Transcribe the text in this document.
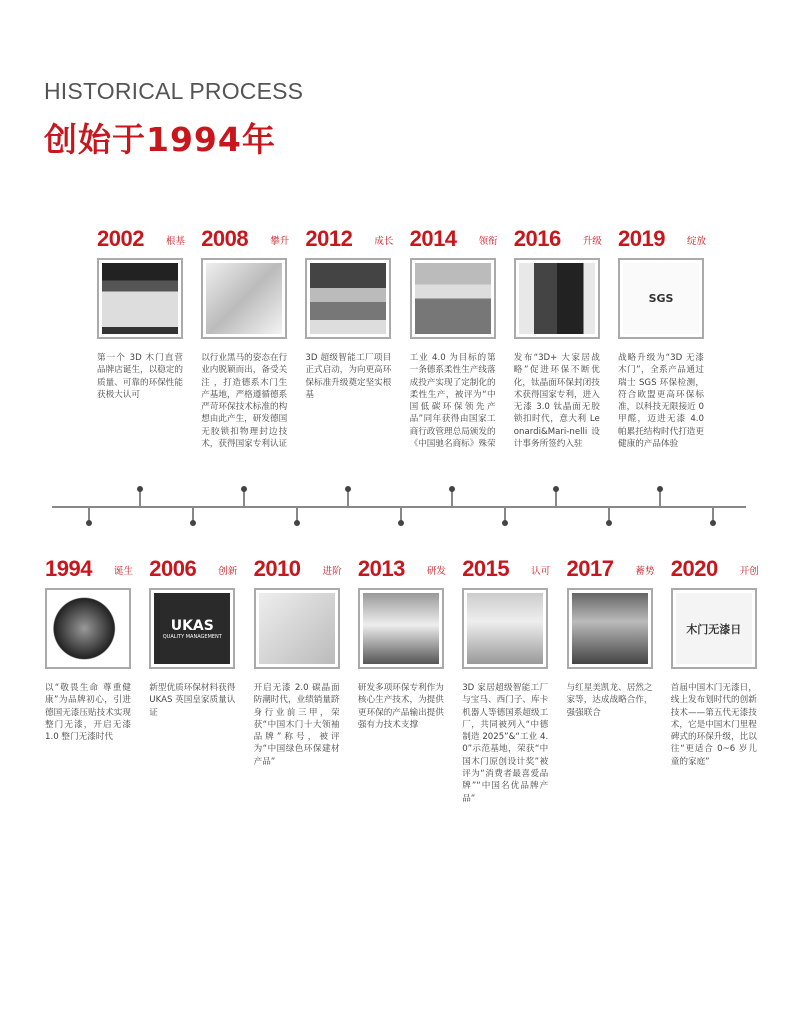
HISTORICAL PROCESS
创始于1994年
2002 根基
第一个 3D 木门直营品牌店诞生，以稳定的质量、可靠的环保性能获极大认可
2008 攀升
以行业黑马的姿态在行业内脱颖而出，备受关注 ，打造德系木门生产基地，严格遵循德系严苛环保技术标准的构想由此产生，研发德国无胶锁扣物理封边技术，获得国家专利认证
2012 成长
3D 超级智能工厂项目正式启动，为向更高环保标准升级奠定坚实根基
2014 领衔
工业 4.0 为目标的第一条德系柔性生产线落成投产实现了定制化的柔性生产，被评为“中国低碳环保领先产品”同年获得由国家工商行政管理总局颁发的《中国驰名商标》殊荣
2016 升级
发布“3D+ 大家居战略”促进环保不断优化，钛晶面环保封闭技术获得国家专利，进入无漆 3.0 钛晶面无胶锁扣时代，意大利 Leonardi&Mari-nelli 设计事务所签约入驻
2019 绽放
SGS
战略升级为“3D 无漆木门”，全系产品通过瑞士 SGS 环保检测，符合欧盟更高环保标准，以科技无限接近 0 甲醛，迈进无漆 4.0 帕累托结构时代打造更健康的产品体验
1994 诞生
以“敬畏生命 尊重健康”为品牌初心，引进德国无漆压贴技术实现整门无漆，开启无漆 1.0 整门无漆时代
2006 创新
UKAS
QUALITY MANAGEMENT
新型优质环保材料获得 UKAS 英国皇家质量认证
2010 进阶
开启无漆 2.0 碳晶面防潮时代，业绩销量跻身行业前三甲，荣获“中国木门十大领袖品牌”称号，被评为“中国绿色环保建材产品”
2013 研发
研发多项环保专利作为核心生产技术，为提供更环保的产品输出提供强有力技术支撑
2015 认可
3D 家居超级智能工厂与宝马、西门子、库卡机器人等德国系超级工厂，共同被列入“中德制造 2025”&“工业 4.0”示范基地，荣获“中国木门原创设计奖”被评为“消费者最喜爱品牌”“中国名优品牌产品”
2017 蓄势
与红星美凯龙、居然之家等，达成战略合作，强强联合
2020 开创
木门无漆日
首届中国木门无漆日，线上发布划时代的创新技术——第五代无漆技术，它是中国木门里程碑式的环保升级，比以往“更适合 0~6 岁儿童的家庭”
